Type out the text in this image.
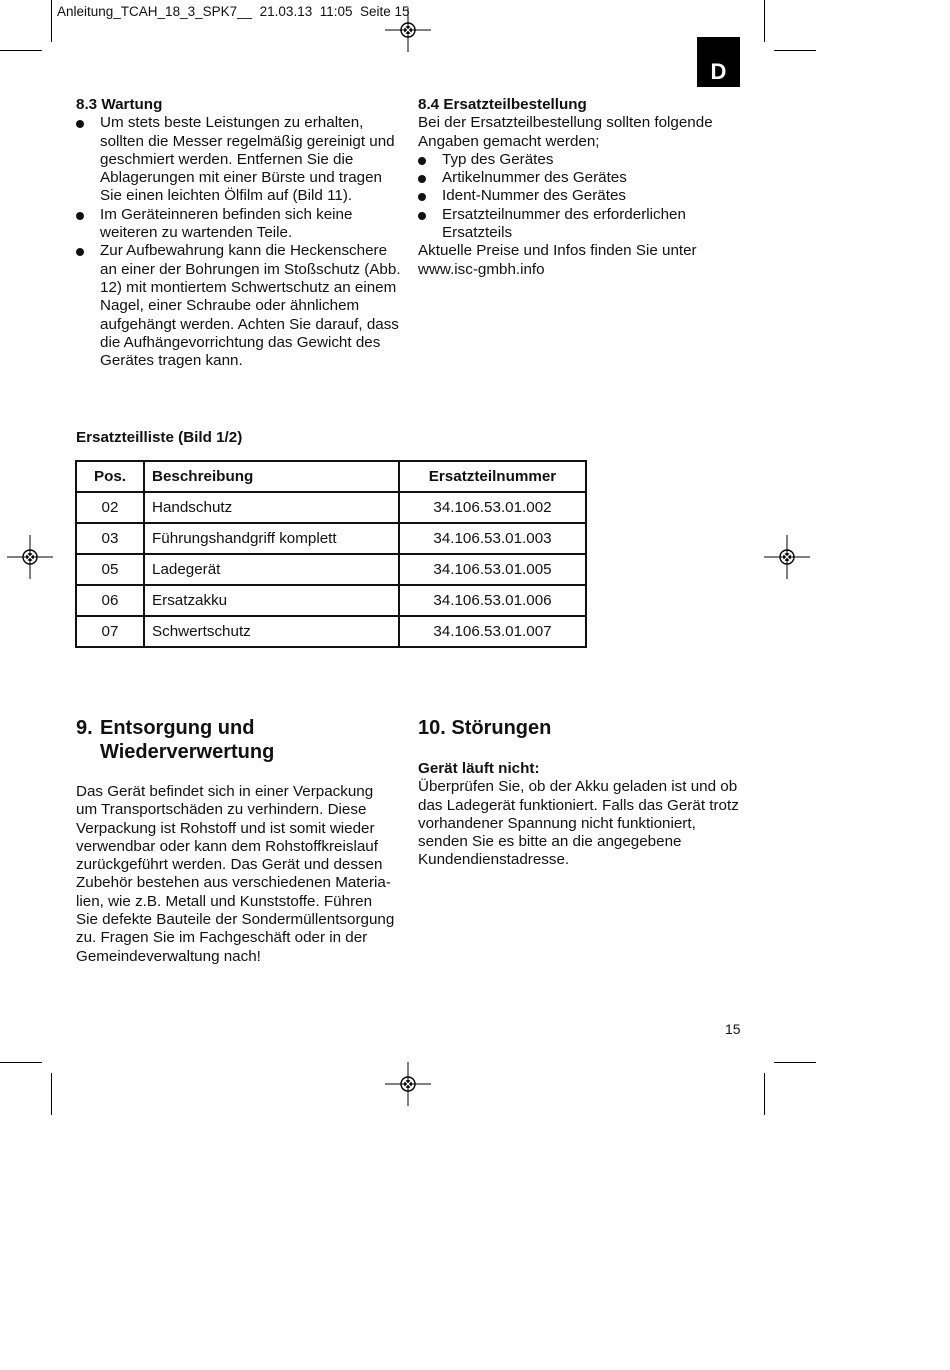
Anleitung_TCAH_18_3_SPK7__ 21.03.13 11:05 Seite 15
D
8.3 Wartung
Um stets beste Leistungen zu erhalten, sollten die Messer regelmäßig gereinigt und geschmiert werden. Entfernen Sie die Ablagerungen mit einer Bürste und tragen Sie einen leichten Ölfilm auf (Bild 11).
Im Geräteinneren befinden sich keine weiteren zu wartenden Teile.
Zur Aufbewahrung kann die Heckenschere an einer der Bohrungen im Stoßschutz (Abb. 12) mit montiertem Schwertschutz an einem Nagel, einer Schraube oder ähnlichem aufgehängt werden. Achten Sie darauf, dass die Aufhängevorrichtung das Gewicht des Gerätes tragen kann.
8.4 Ersatzteilbestellung
Bei der Ersatzteilbestellung sollten folgende Angaben gemacht werden;
Typ des Gerätes
Artikelnummer des Gerätes
Ident-Nummer des Gerätes
Ersatzteilnummer des erforderlichen Ersatzteils
Aktuelle Preise und Infos finden Sie unter
www.isc-gmbh.info
Ersatzteilliste (Bild 1/2)
Pos.	Beschreibung	Ersatzteilnummer
02	Handschutz	34.106.53.01.002
03	Führungshandgriff komplett	34.106.53.01.003
05	Ladegerät	34.106.53.01.005
06	Ersatzakku	34.106.53.01.006
07	Schwertschutz	34.106.53.01.007
9. Entsorgung und
Wiederverwertung
Das Gerät befindet sich in einer Verpackung um Transportschäden zu verhindern. Diese Verpackung ist Rohstoff und ist somit wieder verwendbar oder kann dem Rohstoffkreislauf zurückgeführt werden. Das Gerät und dessen Zubehör bestehen aus verschiedenen Materialien, wie z.B. Metall und Kunststoffe. Führen Sie defekte Bauteile der Sondermüllentsorgung zu. Fragen Sie im Fachgeschäft oder in der Gemeindeverwaltung nach!
10. Störungen
Gerät läuft nicht:
Überprüfen Sie, ob der Akku geladen ist und ob das Ladegerät funktioniert. Falls das Gerät trotz vorhandener Spannung nicht funktioniert, senden Sie es bitte an die angegebene Kundendienstadresse.
15
